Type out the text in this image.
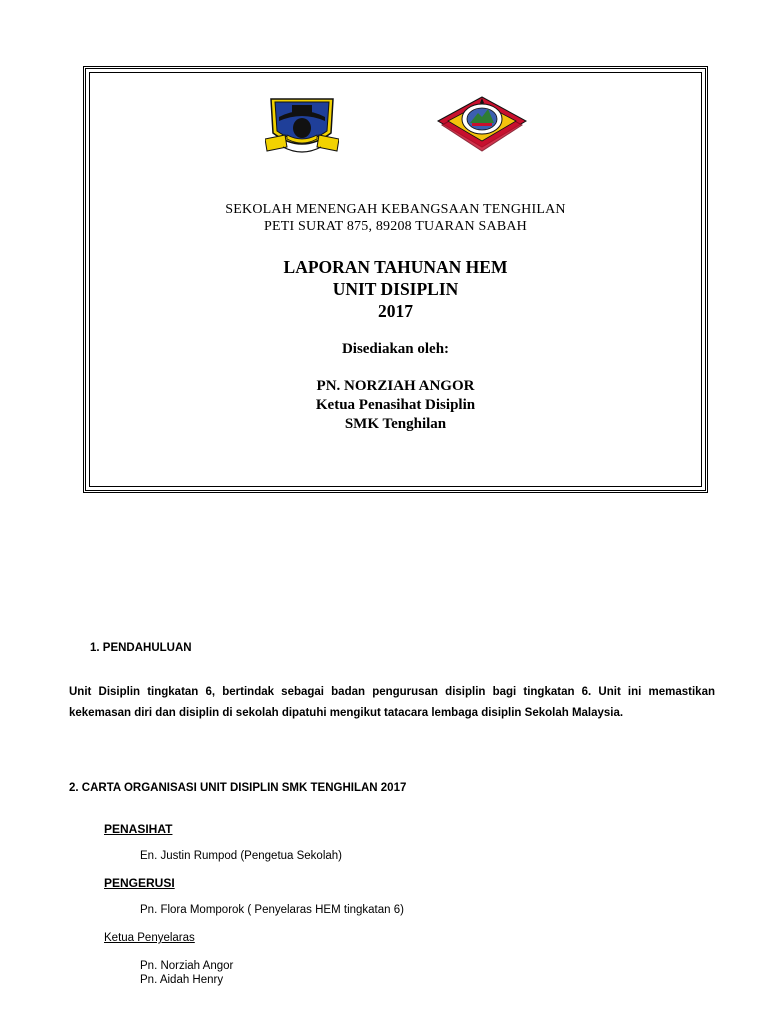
SEKOLAH MENENGAH KEBANGSAAN TENGHILAN
PETI SURAT 875, 89208 TUARAN SABAH
LAPORAN TAHUNAN HEM
UNIT DISIPLIN
2017
Disediakan oleh:
PN. NORZIAH ANGOR
Ketua Penasihat Disiplin
SMK Tenghilan
1. PENDAHULUAN
Unit Disiplin tingkatan 6, bertindak sebagai badan pengurusan disiplin bagi tingkatan 6. Unit ini memastikan kekemasan diri dan disiplin di sekolah dipatuhi mengikut tatacara lembaga disiplin Sekolah Malaysia.
2. CARTA ORGANISASI UNIT DISIPLIN SMK TENGHILAN 2017
PENASIHAT
En. Justin Rumpod (Pengetua Sekolah)
PENGERUSI
Pn. Flora Momporok ( Penyelaras HEM tingkatan 6)
Ketua Penyelaras
Pn. Norziah Angor
Pn. Aidah Henry
